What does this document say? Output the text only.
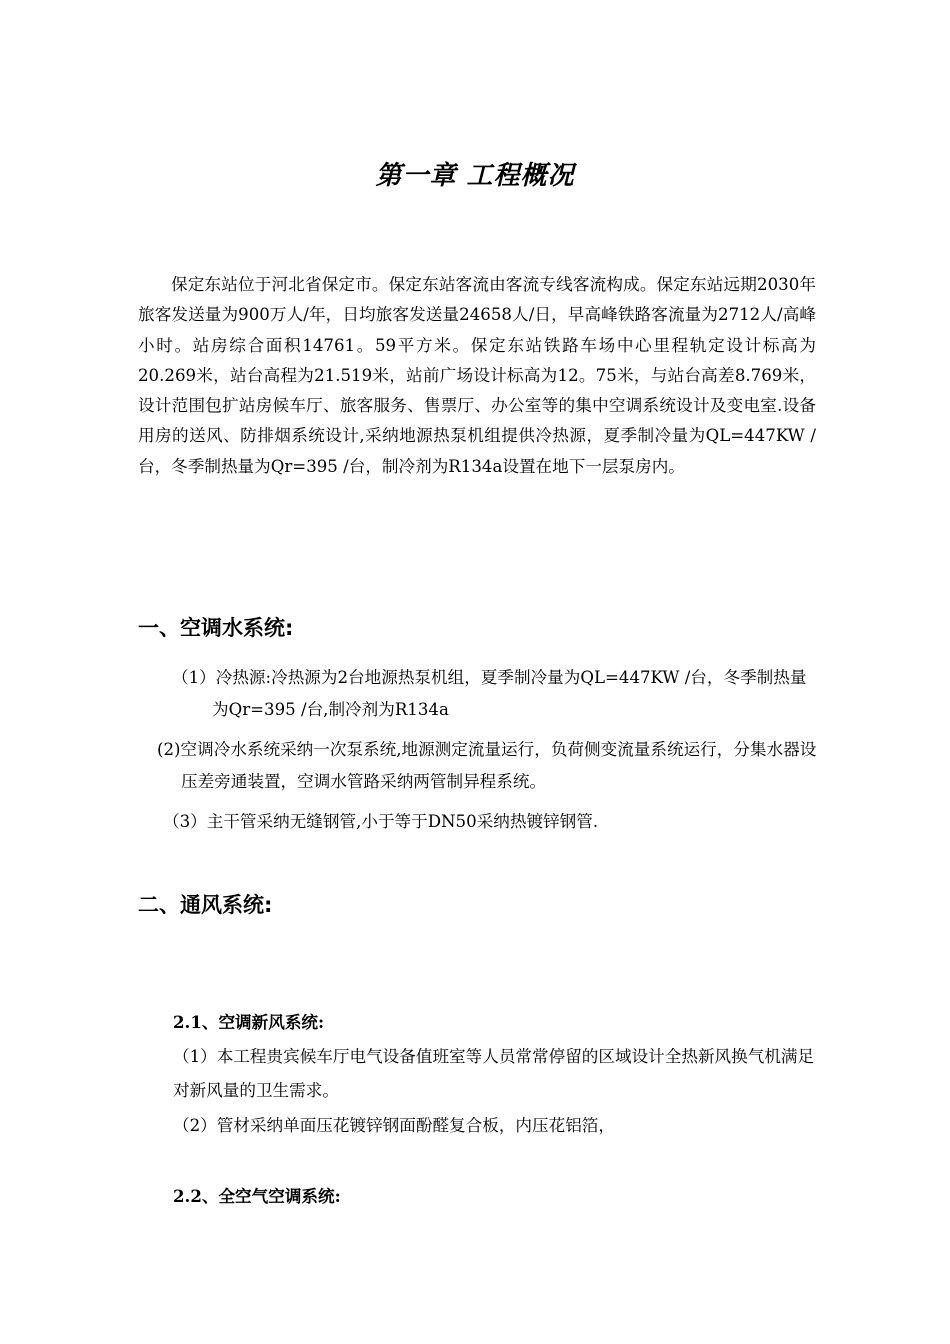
第一章 工程概况

保定东站位于河北省保定市。保定东站客流由客流专线客流构成。保定东站远期2030年旅客发送量为900万人/年，日均旅客发送量24658人/日，早高峰铁路客流量为2712人/高峰小时。站房综合面积14761。59平方米。保定东站铁路车场中心里程轨定设计标高为20.269米，站台高程为21.519米，站前广场设计标高为12。75米，与站台高差8.769米，设计范围包扩站房候车厅、旅客服务、售票厅、办公室等的集中空调系统设计及变电室.设备用房的送风、防排烟系统设计,采纳地源热泵机组提供冷热源，夏季制冷量为QL=447KW /台，冬季制热量为Qr=395 /台，制冷剂为R134a设置在地下一层泵房内。

一、空调水系统:

（1）冷热源:冷热源为2台地源热泵机组，夏季制冷量为QL=447KW /台，冬季制热量为Qr=395 /台,制冷剂为R134a

(2)空调冷水系统采纳一次泵系统,地源测定流量运行，负荷侧变流量系统运行，分集水器设压差旁通装置，空调水管路采纳两管制异程系统。

（3）主干管采纳无缝钢管,小于等于DN50采纳热镀锌钢管.

二、通风系统:
2.1、空调新风系统:

（1）本工程贵宾候车厅电气设备值班室等人员常常停留的区域设计全热新风换气机满足对新风量的卫生需求。

（2）管材采纳单面压花镀锌钢面酚醛复合板，内压花铝箔，

2.2、全空气空调系统:
